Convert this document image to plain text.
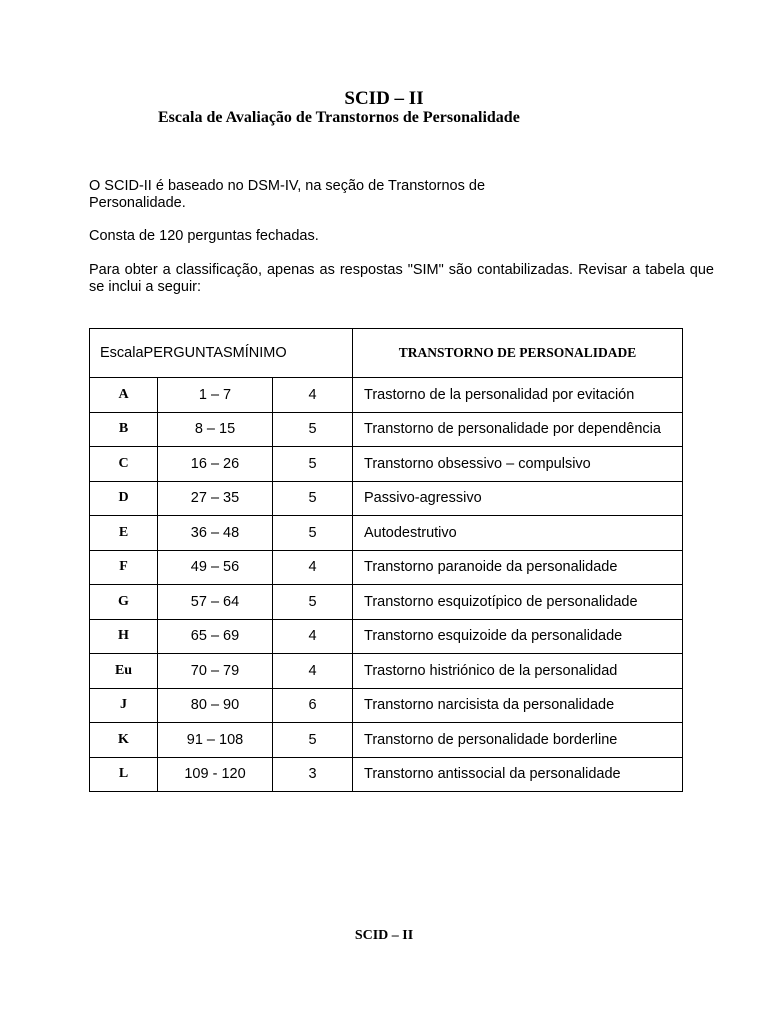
SCID – II
Escala de Avaliação de Transtornos de Personalidade

O SCID-II é baseado no DSM-IV, na seção de Transtornos de Personalidade.

Consta de 120 perguntas fechadas.

Para obter a classificação, apenas as respostas "SIM" são contabilizadas. Revisar a tabela que se inclui a seguir:

EscalaPERGUNTASMÍNIMO			TRANSTORNO DE PERSONALIDADE
A	1 – 7	4	Trastorno de la personalidad por evitación
B	8 – 15	5	Transtorno de personalidade por dependência
C	16 – 26	5	Transtorno obsessivo – compulsivo
D	27 – 35	5	Passivo-agressivo
E	36 – 48	5	Autodestrutivo
F	49 – 56	4	Transtorno paranoide da personalidade
G	57 – 64	5	Transtorno esquizotípico de personalidade
H	65 – 69	4	Transtorno esquizoide da personalidade
Eu	70 – 79	4	Trastorno histriónico de la personalidad
J	80 – 90	6	Transtorno narcisista da personalidade
K	91 – 108	5	Transtorno de personalidade borderline
L	109 - 120	3	Transtorno antissocial da personalidade

SCID – II
